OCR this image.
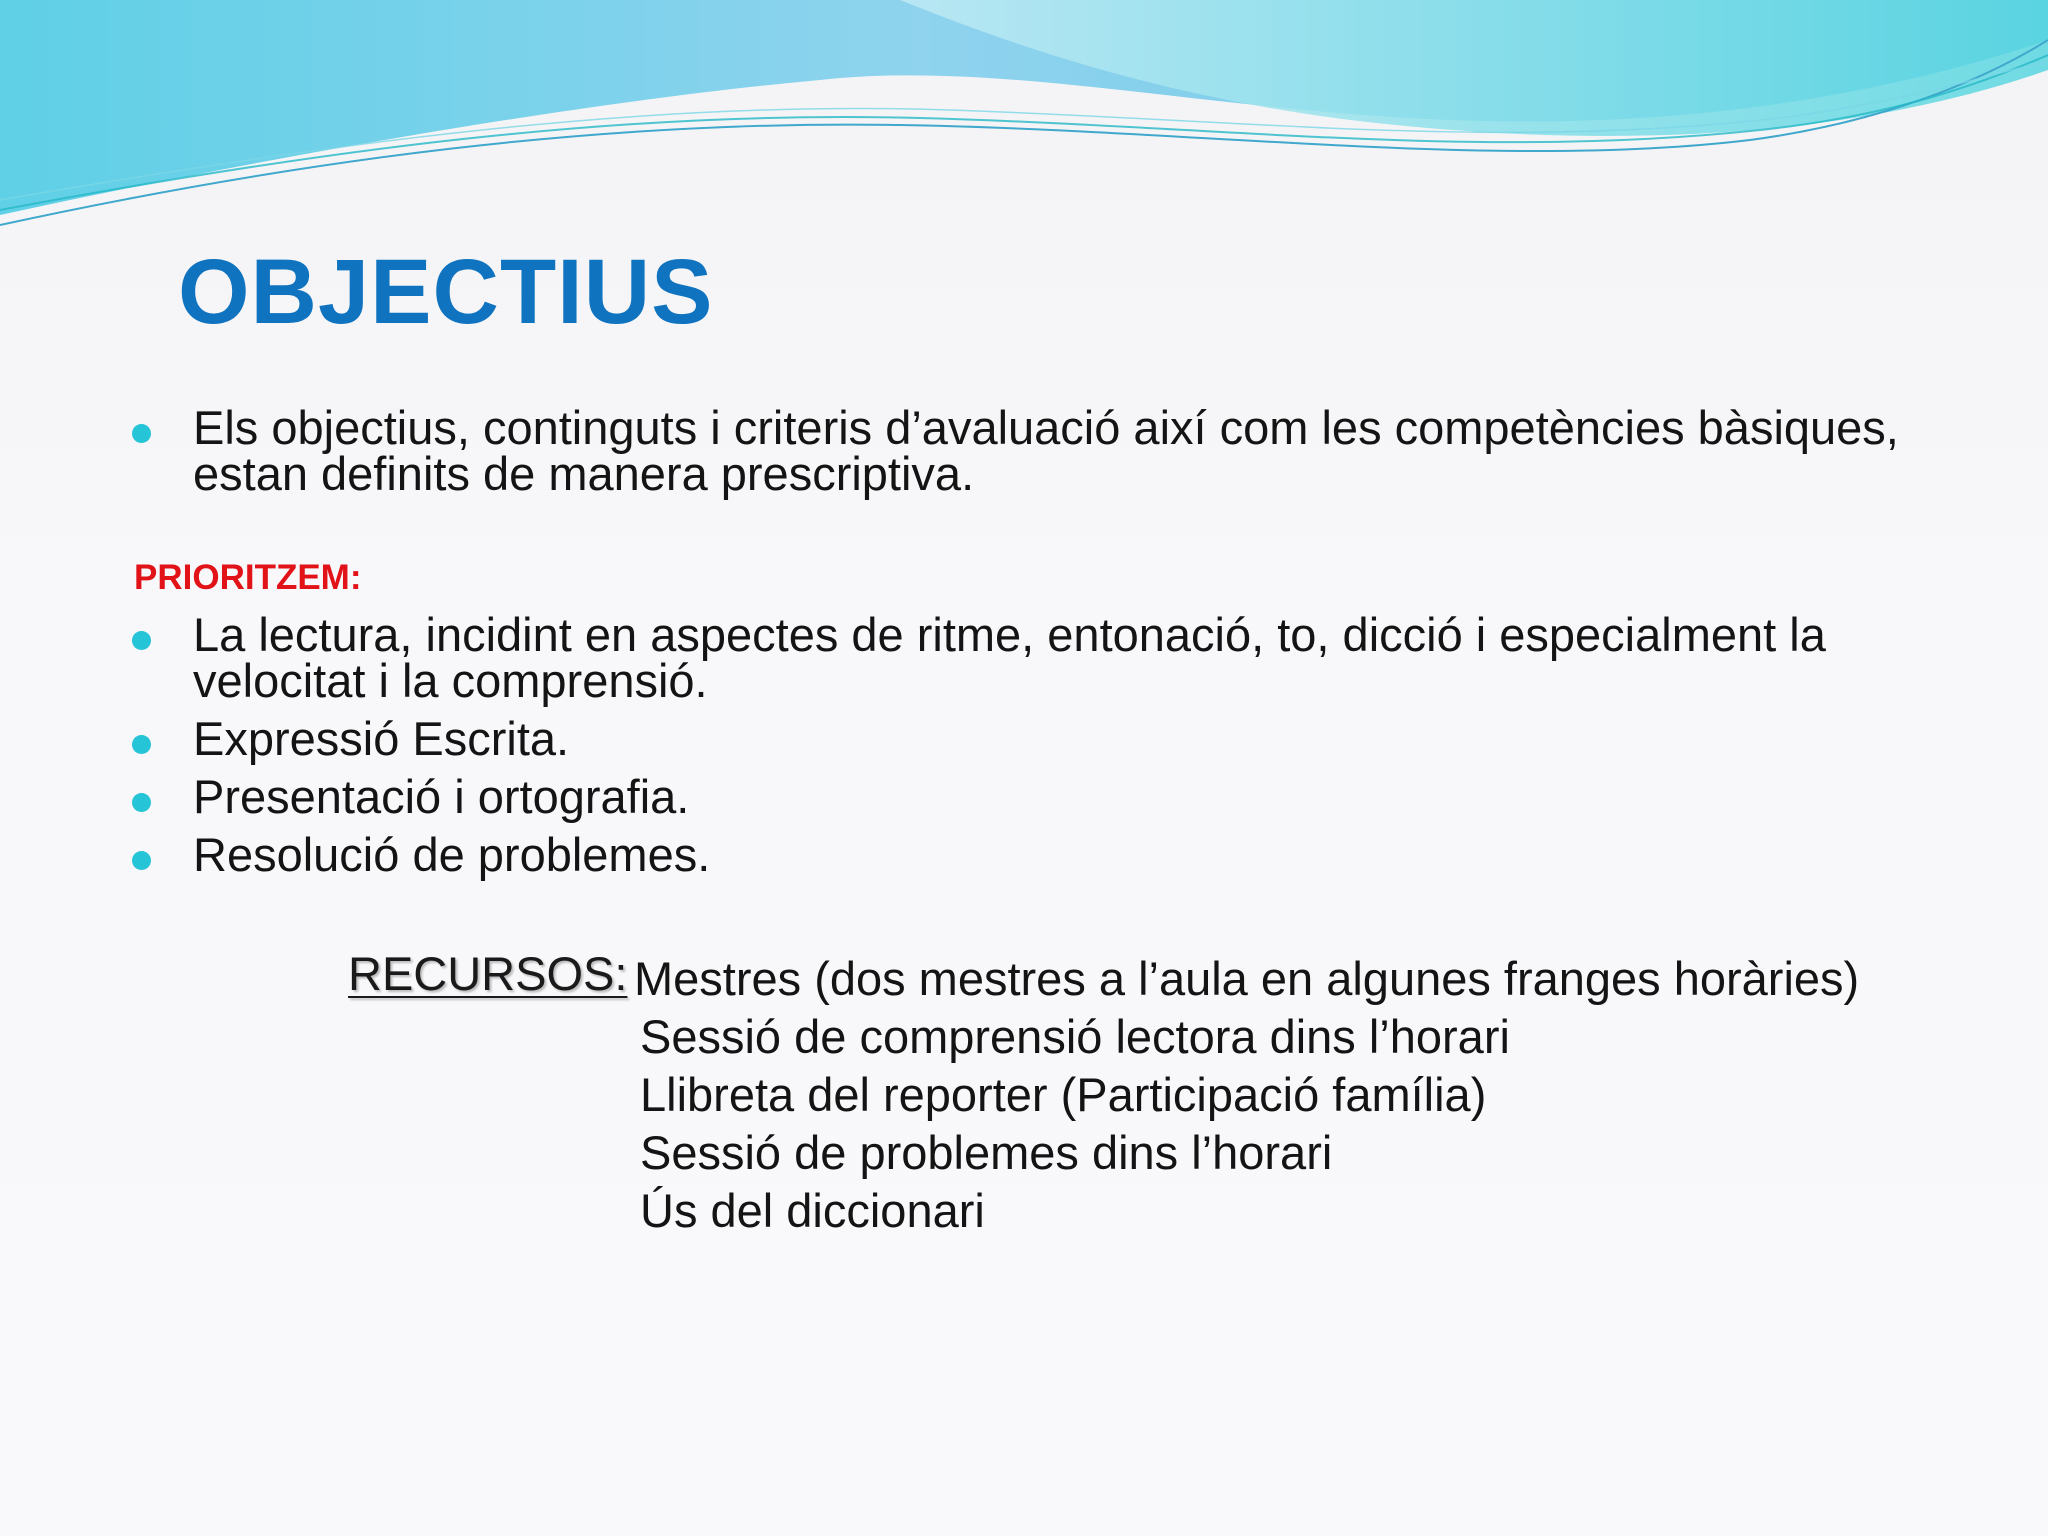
OBJECTIUS
Els objectius, continguts i criteris d’avaluació així com les competències bàsiques, estan definits de manera prescriptiva.
PRIORITZEM:
La lectura, incidint en aspectes de ritme, entonació, to, dicció i especialment la velocitat i la comprensió.
Expressió Escrita.
Presentació i ortografia.
Resolució de problemes.
RECURSOS: Mestres (dos mestres a l’aula en algunes franges horàries)
Sessió de comprensió lectora dins l’horari
Llibreta del reporter (Participació família)
Sessió de problemes dins l’horari
Ús del diccionari
